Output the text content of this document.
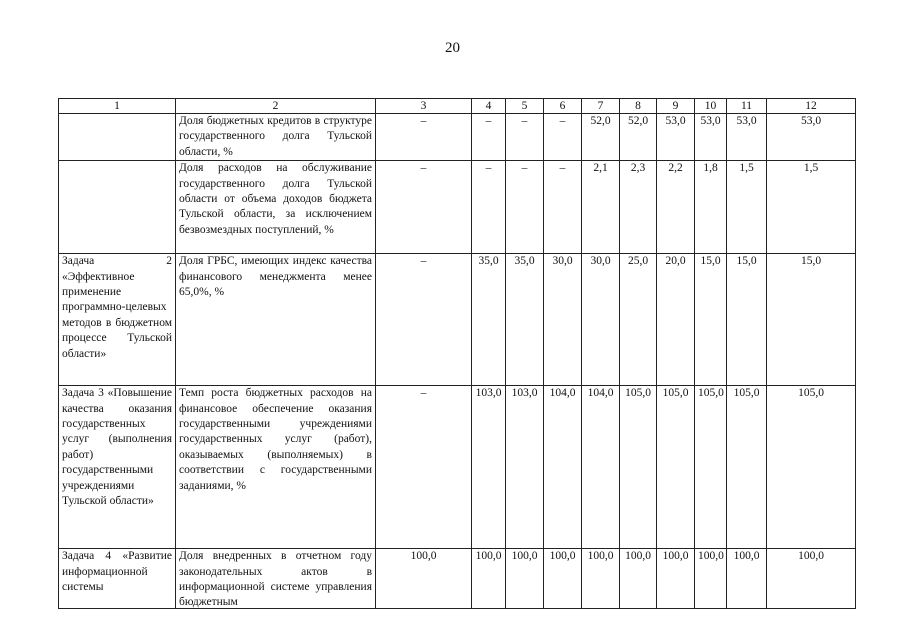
20
1	2	3	4	5	6	7	8	9	10	11	12
	Доля бюджетных кредитов в структуре государственного долга Тульской области, %	–	–	–	–	52,0	52,0	53,0	53,0	53,0	53,0
	Доля расходов на обслуживание государственного долга Тульской области от объема доходов бюджета Тульской области, за исключением безвозмездных поступлений, %	–	–	–	–	2,1	2,3	2,2	1,8	1,5	1,5
Задача 2 «Эффективное применение программно-целевых методов в бюджетном процессе Тульской области»	Доля ГРБС, имеющих индекс качества финансового менеджмента менее 65,0%, %	–	35,0	35,0	30,0	30,0	25,0	20,0	15,0	15,0	15,0
Задача 3 «Повышение качества оказания государственных услуг (выполнения работ) государственными учреждениями Тульской области»	Темп роста бюджетных расходов на финансовое обеспечение оказания государственными учреждениями государственных услуг (работ), оказываемых (выполняемых) в соответствии с государственными заданиями, %	–	103,0	103,0	104,0	104,0	105,0	105,0	105,0	105,0	105,0

Задача 4 «Развитие информационной системы	Доля внедренных в отчетном году законодательных актов в информационной системе управления бюджетным	100,0	100,0	100,0	100,0	100,0	100,0	100,0	100,0	100,0	100,0
